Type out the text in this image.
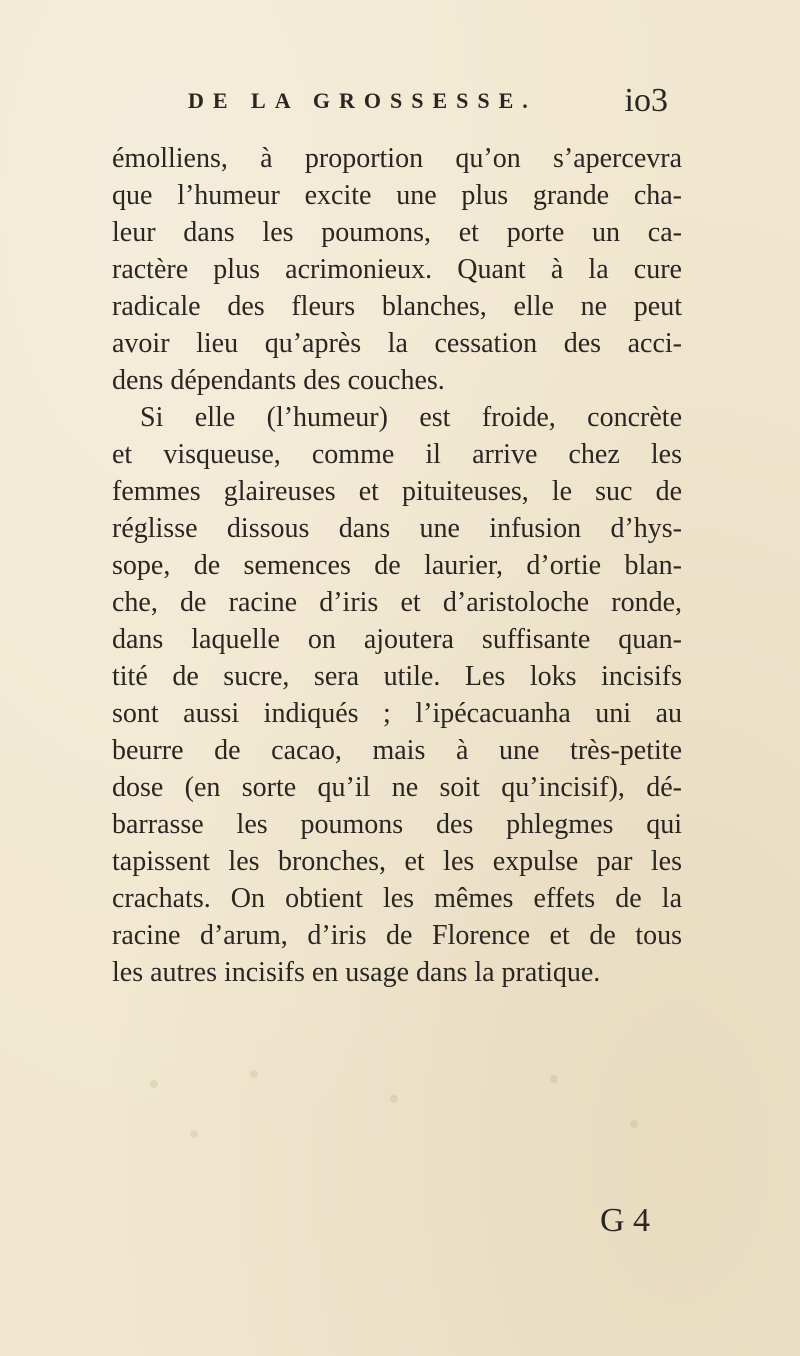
DE LA GROSSESSE.	io3
émolliens, à proportion qu’on s’apercevra
que l’humeur excite une plus grande cha-
leur dans les poumons, et porte un ca-
ractère plus acrimonieux. Quant à la cure
radicale des fleurs blanches, elle ne peut
avoir lieu qu’après la cessation des acci-
dens dépendants des couches.
Si elle (l’humeur) est froide, concrète
et visqueuse, comme il arrive chez les
femmes glaireuses et pituiteuses, le suc de
réglisse dissous dans une infusion d’hys-
sope, de semences de laurier, d’ortie blan-
che, de racine d’iris et d’aristoloche ronde,
dans laquelle on ajoutera suffisante quan-
tité de sucre, sera utile. Les loks incisifs
sont aussi indiqués ; l’ipécacuanha uni au
beurre de cacao, mais à une très-petite
dose (en sorte qu’il ne soit qu’incisif), dé-
barrasse les poumons des phlegmes qui
tapissent les bronches, et les expulse par les
crachats. On obtient les mêmes effets de la
racine d’arum, d’iris de Florence et de tous
les autres incisifs en usage dans la pratique.
G 4
